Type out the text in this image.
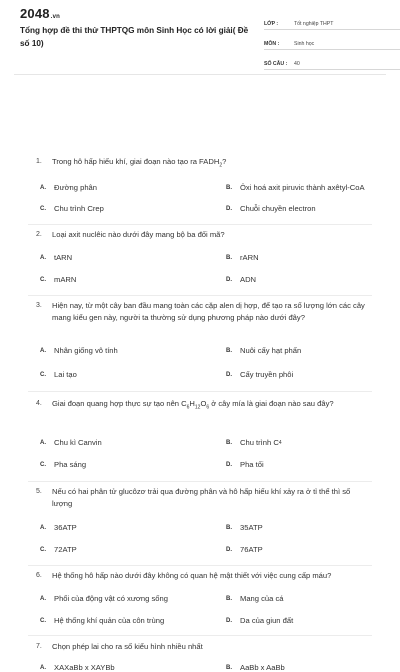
2048.vn
Tổng hợp đề thi thử THPTQG môn Sinh Học có lời giải( Đề số 10)
LỚP :	Tốt nghiệp THPT
MÔN :	Sinh học
SỐ CÂU :	40
1.	Trong hô hấp hiếu khí, giai đoạn nào tạo ra $FADH_2$?
A.	Đường phân	B.	Ôxi hoá axit piruvic thành axêtyl-CoA
C.	Chu trình Crep	D.	Chuỗi chuyền electron
2.	Loại axit nuclêic nào dưới đây mang bộ ba đối mã?
A.	tARN	B.	rARN
C.	mARN	D.	ADN
3.	Hiện nay, từ một cây ban đầu mang toàn các cặp alen dị hợp, để tạo ra số lượng lớn các cây mang kiểu gen này, người ta thường sử dụng phương pháp nào dưới đây?
A.	Nhân giống vô tính	B.	Nuôi cấy hạt phấn
C.	Lai tạo	D.	Cấy truyền phôi
4.	Giai đoạn quang hợp thực sự tạo nên $C_6H_{12}O_6$ ở cây mía là giai đoạn nào sau đây?
A.	Chu kì Canvin	B.	Chu trình C 4
C.	Pha sáng	D.	Pha tối
5.	Nếu có hai phân tử glucôzơ trải qua đường phân và hô hấp hiếu khí xảy ra ở tỉ thể thì số lượng
A.	36ATP	B.	35ATP
C.	72ATP	D.	76ATP
6.	Hệ thống hô hấp nào dưới đây không có quan hệ mật thiết với việc cung cấp máu?
A.	Phổi của động vật có xương sống	B.	Mang của cá
C.	Hệ thống khí quản của côn trùng	D.	Da của giun đất
7.	Chọn phép lai cho ra số kiểu hình nhiều nhất
A.	XAXaBb x XAYBb	B.	AaBb x AaBb
